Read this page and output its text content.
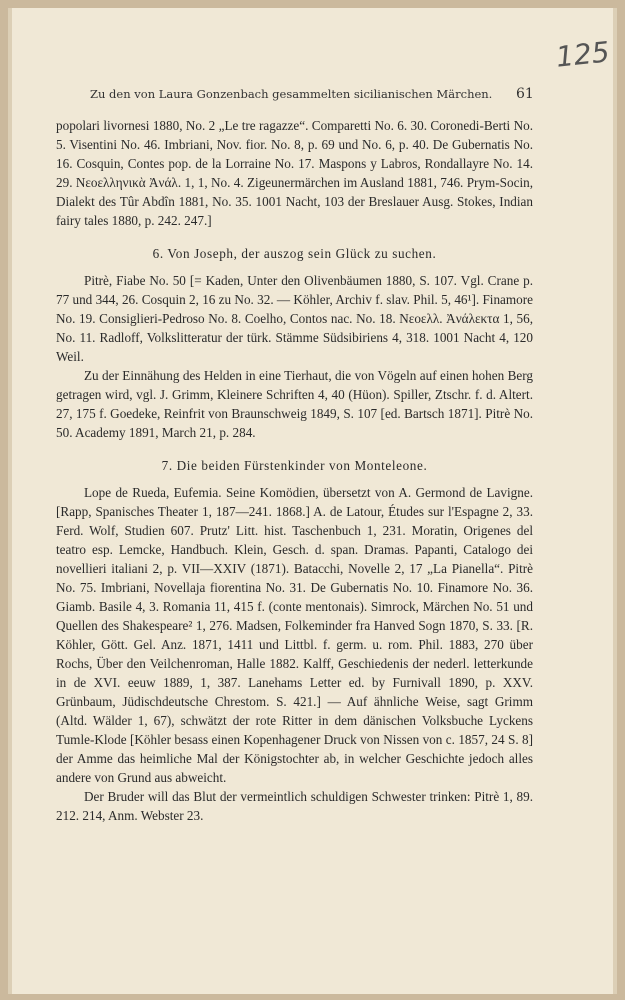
125
Zu den von Laura Gonzenbach gesammelten sicilianischen Märchen.	61

popolari livornesi 1880, No. 2 „Le tre ragazze“. Comparetti No. 6. 30. Coronedi-Berti No. 5. Visentini No. 46. Imbriani, Nov. fior. No. 8, p. 69 und No. 6, p. 40. De Gubernatis No. 16. Cosquin, Contes pop. de la Lorraine No. 17. Maspons y Labros, Rondallayre No. 14. 29. Νεοελληνικὰ Ἀνάλ. 1, 1, No. 4. Zigeunermärchen im Ausland 1881, 746. Prym-Socin, Dialekt des Tûr Abdîn 1881, No. 35. 1001 Nacht, 103 der Breslauer Ausg. Stokes, Indian fairy tales 1880, p. 242. 247.]

6. Von Joseph, der auszog sein Glück zu suchen.

Pitrè, Fiabe No. 50 [= Kaden, Unter den Olivenbäumen 1880, S. 107. Vgl. Crane p. 77 und 344, 26. Cosquin 2, 16 zu No. 32. — Köhler, Archiv f. slav. Phil. 5, 46¹]. Finamore No. 19. Consiglieri-Pedroso No. 8. Coelho, Contos nac. No. 18. Νεοελλ. Ἀνάλεκτα 1, 56, No. 11. Radloff, Volkslitteratur der türk. Stämme Südsibiriens 4, 318. 1001 Nacht 4, 120 Weil.

Zu der Einnähung des Helden in eine Tierhaut, die von Vögeln auf einen hohen Berg getragen wird, vgl. J. Grimm, Kleinere Schriften 4, 40 (Hüon). Spiller, Ztschr. f. d. Altert. 27, 175 f. Goedeke, Reinfrit von Braunschweig 1849, S. 107 [ed. Bartsch 1871]. Pitrè No. 50. Academy 1891, March 21, p. 284.

7. Die beiden Fürstenkinder von Monteleone.

Lope de Rueda, Eufemia. Seine Komödien, übersetzt von A. Germond de Lavigne. [Rapp, Spanisches Theater 1, 187—241. 1868.] A. de Latour, Études sur l'Espagne 2, 33. Ferd. Wolf, Studien 607. Prutz' Litt. hist. Taschenbuch 1, 231. Moratin, Origenes del teatro esp. Lemcke, Handbuch. Klein, Gesch. d. span. Dramas. Papanti, Catalogo dei novellieri italiani 2, p. VII—XXIV (1871). Batacchi, Novelle 2, 17 „La Pianella“. Pitrè No. 75. Imbriani, Novellaja fiorentina No. 31. De Gubernatis No. 10. Finamore No. 36. Giamb. Basile 4, 3. Romania 11, 415 f. (conte mentonais). Simrock, Märchen No. 51 und Quellen des Shakespeare² 1, 276. Madsen, Folkeminder fra Hanved Sogn 1870, S. 33. [R. Köhler, Gött. Gel. Anz. 1871, 1411 und Littbl. f. germ. u. rom. Phil. 1883, 270 über Rochs, Über den Veilchenroman, Halle 1882. Kalff, Geschiedenis der nederl. letterkunde in de XVI. eeuw 1889, 1, 387. Lanehams Letter ed. by Furnivall 1890, p. XXV. Grünbaum, Jüdischdeutsche Chrestom. S. 421.] — Auf ähnliche Weise, sagt Grimm (Altd. Wälder 1, 67), schwätzt der rote Ritter in dem dänischen Volksbuche Lyckens Tumle-Klode [Köhler besass einen Kopenhagener Druck von Nissen von c. 1857, 24 S. 8] der Amme das heimliche Mal der Königstochter ab, in welcher Geschichte jedoch alles andere von Grund aus abweicht.

Der Bruder will das Blut der vermeintlich schuldigen Schwester trinken: Pitrè 1, 89. 212. 214, Anm. Webster 23.
